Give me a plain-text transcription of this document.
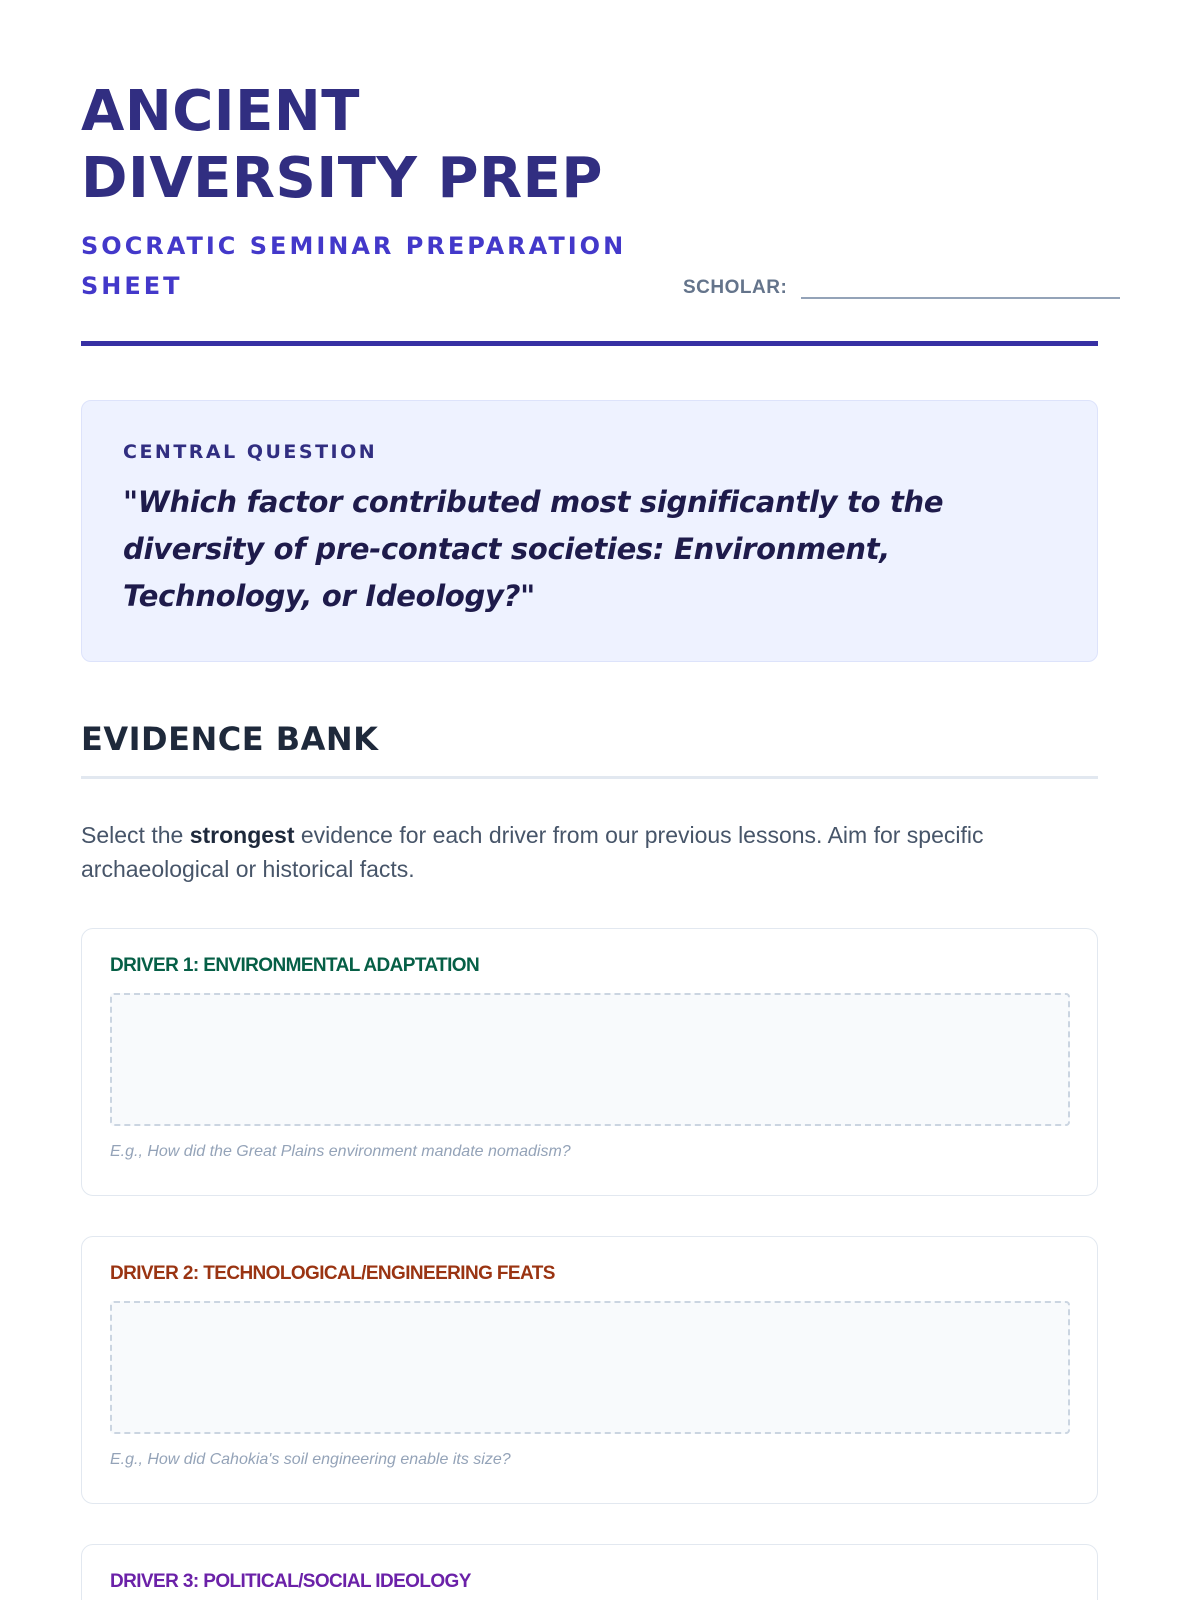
ANCIENT
DIVERSITY PREP
SOCRATIC SEMINAR PREPARATION SHEET	SCHOLAR:
CENTRAL QUESTION
"Which factor contributed most significantly to the diversity of pre-contact societies: Environment, Technology, or Ideology?"
EVIDENCE BANK

Select the strongest evidence for each driver from our previous lessons. Aim for specific archaeological or historical facts.

DRIVER 1: ENVIRONMENTAL ADAPTATION
E.g., How did the Great Plains environment mandate nomadism?
DRIVER 2: TECHNOLOGICAL/ENGINEERING FEATS
E.g., How did Cahokia's soil engineering enable its size?
DRIVER 3: POLITICAL/SOCIAL IDEOLOGY
